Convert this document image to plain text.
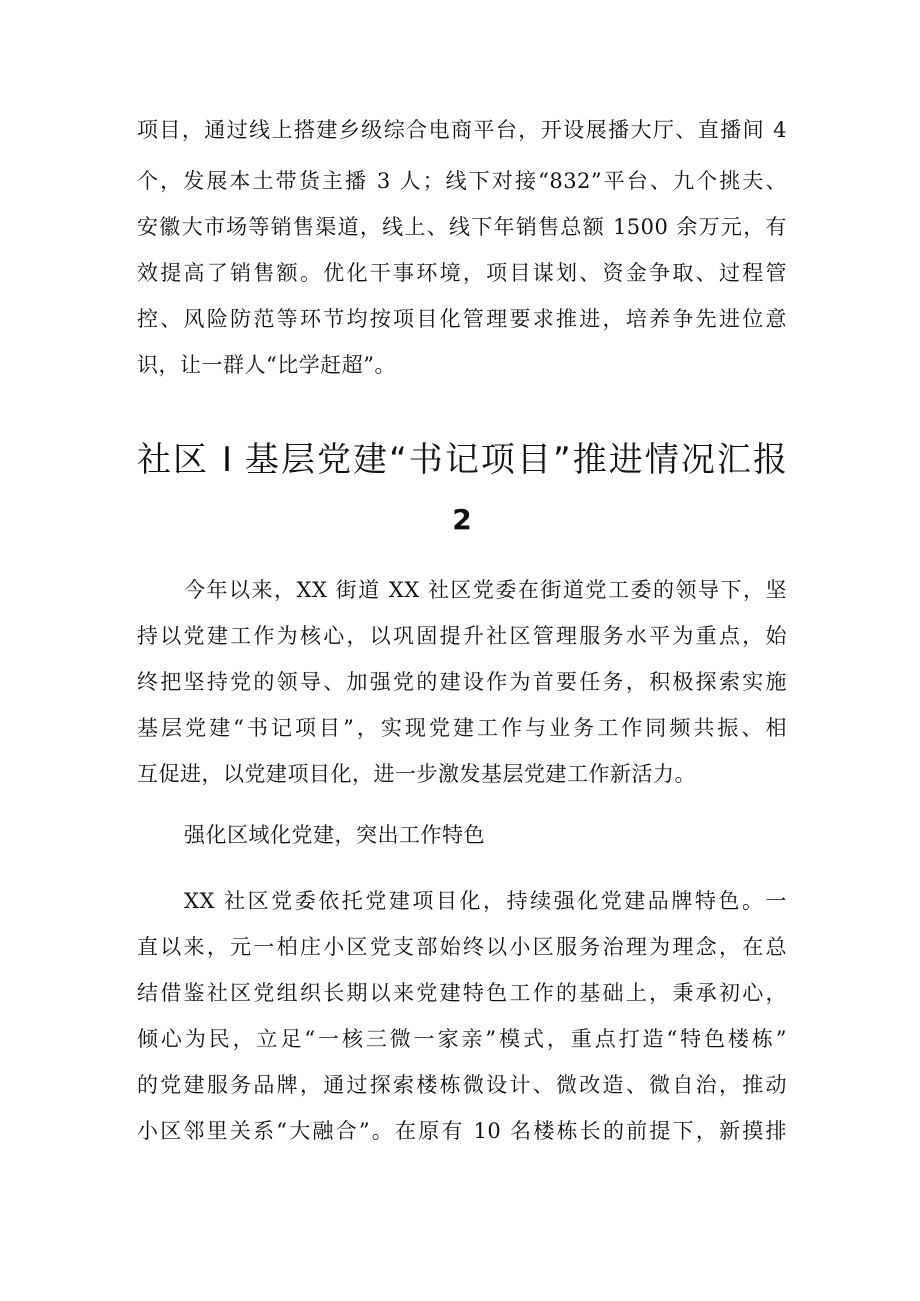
项目，通过线上搭建乡级综合电商平台，开设展播大厅、直播间 4
个，发展本土带货主播 3 人；线下对接“832”平台、九个挑夫、
安徽大市场等销售渠道，线上、线下年销售总额 1500 余万元，有
效提高了销售额。优化干事环境，项目谋划、资金争取、过程管
控、风险防范等环节均按项目化管理要求推进，培养争先进位意
识，让一群人“比学赶超”。
社区 I 基层党建“书记项目”推进情况汇报
2
今年以来，XX 街道 XX 社区党委在街道党工委的领导下，坚
持以党建工作为核心，以巩固提升社区管理服务水平为重点，始
终把坚持党的领导、加强党的建设作为首要任务，积极探索实施
基层党建“书记项目”，实现党建工作与业务工作同频共振、相
互促进，以党建项目化，进一步激发基层党建工作新活力。
强化区域化党建，突出工作特色
XX 社区党委依托党建项目化，持续强化党建品牌特色。一
直以来，元一柏庄小区党支部始终以小区服务治理为理念，在总
结借鉴社区党组织长期以来党建特色工作的基础上，秉承初心，
倾心为民，立足“一核三微一家亲”模式，重点打造“特色楼栋”
的党建服务品牌，通过探索楼栋微设计、微改造、微自治，推动
小区邻里关系“大融合”。在原有 10 名楼栋长的前提下，新摸排
